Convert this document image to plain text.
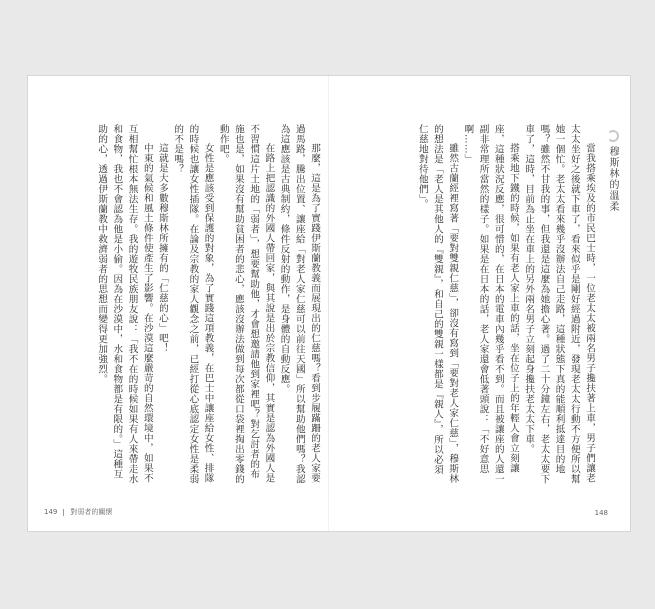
那麼，這是為了實踐伊斯蘭教義而展現出的仁慈嗎？看到步履蹣跚的老人家要過馬路，騰出位置、讓座給「對老人家仁慈可以前往天國」所以幫助他們嗎？我認為這應該是古典制約，條件反射的動作，是身體的自動反應。

在路上把認識的外國人帶回家，與其說是出於宗教信仰，其實是認為外國人是不習慣這片土地的「弱者」，想要幫助他，才會想邀請他到家裡吧？對乞討者的布施也是，如果沒有幫助貧困者的悲心，應該沒辦法做到每次都從口袋裡掏出零錢的動作吧。

女性是應該受到保護的對象，為了實踐這項教義，在巴士中讓座給女性、排隊的時候也讓女性插隊。在論及宗教的家人觀念之前，已經打從心底認定女性是柔弱的不是嗎？

這就是大多數穆斯林所擁有的「仁慈的心」吧！

中東的氣候和風土條件使產生了影響。在沙漠這麼嚴苛的自然環境中，如果不互相幫忙根本無法生存。我的遊牧民族朋友說：「我不在的時候如果有人來帶走水和食物，我也不會認為他是小偷。因為在沙漠中，水和食物都是有限的。」這種互助的心，透過伊斯蘭教中救濟弱者的思想而變得更加強烈。

149 對弱者的關懷
穆斯林的溫柔

當我搭乘埃及的市民巴士時，一位老太太被兩名男子攙扶著上車，男子們讓老太太坐好之後就下車了，看來似乎是剛好經過附近，發現老太太行動不方便所以幫她一個忙。老太太看來幾乎沒辦法自己走路，這種狀態下真的能順利抵達目的地嗎？雖然不甘我的事，但我還是這麼為她擔心著。過了二十分鐘左右，老太太要下車了，這時，目前為止坐在車上的另外兩名男子立刻起身攙扶老太太下車。

搭乘地下鐵的時候，如果有老人家上車的話，坐在位子上的年輕人會立刻讓座，這種狀況反應，很可惜的，在日本的電車內幾乎看不到。而且被讓座的人還一副非常理所當然的樣子。如果是在日本的話，老人家還會低著頭說：「不好意思啊……」

雖然古蘭經裡寫著「要對雙親仁慈」，卻沒有寫到「要對老人家仁慈」，穆斯林的想法是「老人是其他人的『雙親』，和自己的雙親一樣都是『親人』，所以必須仁慈地對待他們」。

148
